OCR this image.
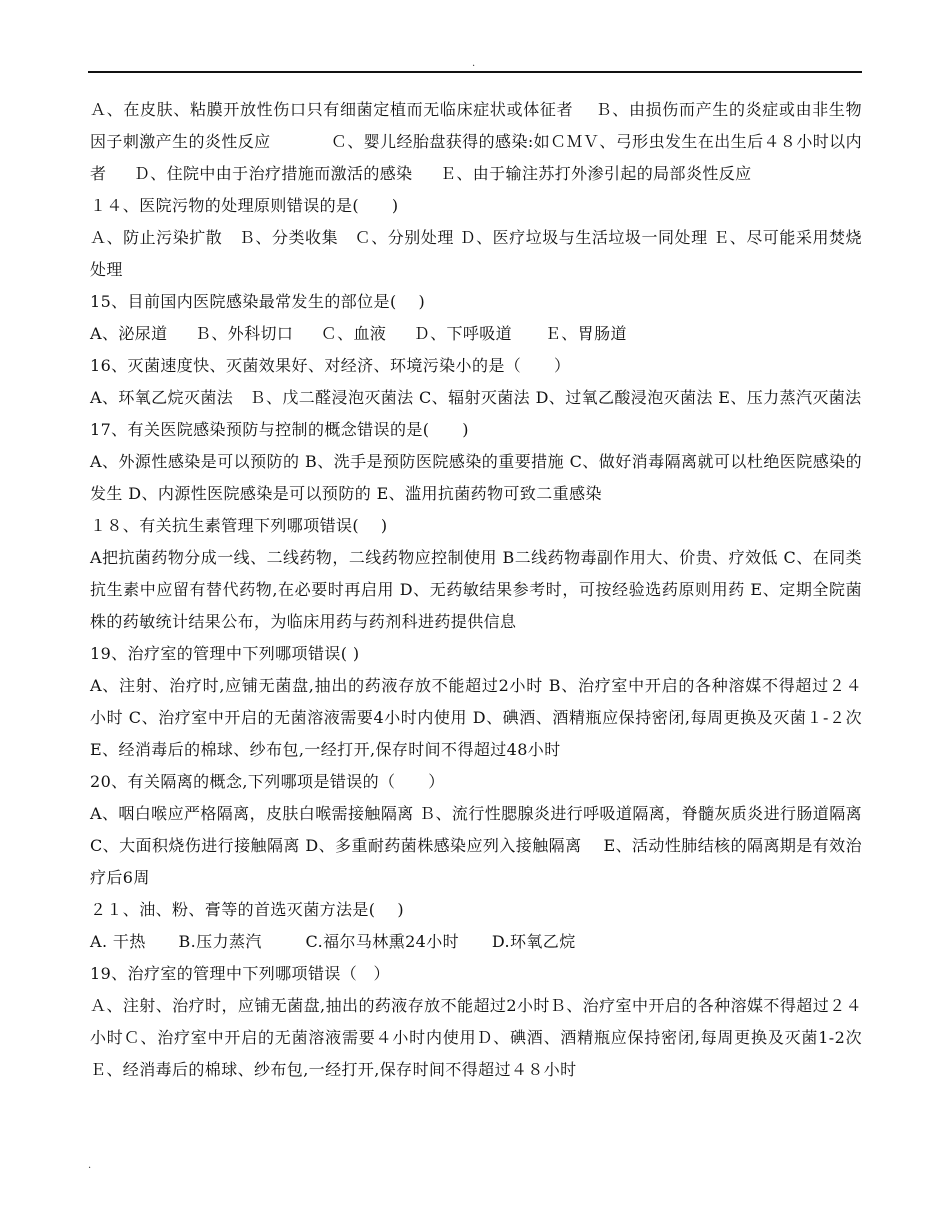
.

Ａ、在皮肤、粘膜开放性伤口只有细菌定植而无临床症状或体征者　 Ｂ、由损伤而产生的炎症或由非生物因子刺激产生的炎性反应 　　　 Ｃ、婴儿经胎盘获得的感染:如ＣＭＶ、弓形虫发生在出生后４８小时以内者 　 Ｄ、住院中由于治疗措施而激活的感染 　 Ｅ、由于输注苏打外渗引起的局部炎性反应

１４、医院污物的处理原则错误的是(　　)

Ａ、防止污染扩散　Ｂ、分类收集　Ｃ、分别处理 Ｄ、医疗垃圾与生活垃圾一同处理 Ｅ、尽可能采用焚烧处理

15、目前国内医院感染最常发生的部位是(　 )

A、泌尿道 　 Ｂ、外科切口 　 Ｃ、血液 　 Ｄ、下呼吸道　　Ｅ、胃肠道

16、灭菌速度快、灭菌效果好、对经济、环境污染小的是（　　）

A、环氧乙烷灭菌法　Ｂ、戊二醛浸泡灭菌法 C、辐射灭菌法 D、过氧乙酸浸泡灭菌法 E、压力蒸汽灭菌法

17、有关医院感染预防与控制的概念错误的是(　　)

A、外源性感染是可以预防的 B、洗手是预防医院感染的重要措施 C、做好消毒隔离就可以杜绝医院感染的发生 D、内源性医院感染是可以预防的 E、滥用抗菌药物可致二重感染

１８、有关抗生素管理下列哪项错误(　 )

A把抗菌药物分成一线、二线药物，二线药物应控制使用 B二线药物毒副作用大、价贵、疗效低 C、在同类抗生素中应留有替代药物,在必要时再启用 D、无药敏结果参考时，可按经验选药原则用药 E、定期全院菌株的药敏统计结果公布，为临床用药与药剂科进药提供信息

19、治疗室的管理中下列哪项错误( )

A、注射、治疗时,应铺无菌盘,抽出的药液存放不能超过2小时 B、治疗室中开启的各种溶媒不得超过２４小时 C、治疗室中开启的无菌溶液需要4小时内使用 D、碘酒、酒精瓶应保持密闭,每周更换及灭菌１-２次 E、经消毒后的棉球、纱布包,一经打开,保存时间不得超过48小时

20、有关隔离的概念,下列哪项是错误的（　　）

A、咽白喉应严格隔离，皮肤白喉需接触隔离 Ｂ、流行性腮腺炎进行呼吸道隔离，脊髓灰质炎进行肠道隔离 C、大面积烧伤进行接触隔离 D、多重耐药菌株感染应列入接触隔离　 E、活动性肺结核的隔离期是有效治疗后6周

２１、油、粉、膏等的首选灭菌方法是(　 )

A. 干热　　B.压力蒸汽　 　 C.福尔马林熏24小时　　D.环氧乙烷

19、治疗室的管理中下列哪项错误（　）

Ａ、注射、治疗时，应铺无菌盘,抽出的药液存放不能超过2小时Ｂ、治疗室中开启的各种溶媒不得超过２４小时Ｃ、治疗室中开启的无菌溶液需要４小时内使用Ｄ、碘酒、酒精瓶应保持密闭,每周更换及灭菌1-2次Ｅ、经消毒后的棉球、纱布包,一经打开,保存时间不得超过４８小时

.
